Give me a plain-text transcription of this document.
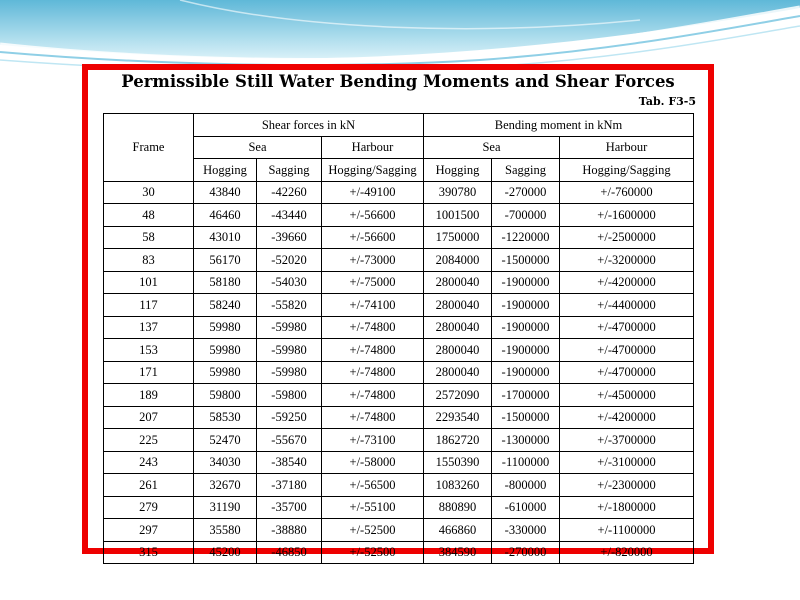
Permissible Still Water Bending Moments and Shear Forces
Tab. F3-5
Frame	Shear forces in kN			Bending moment in kNm		
	Sea		Harbour	Sea		Harbour
	Hogging	Sagging	Hogging/Sagging	Hogging	Sagging	Hogging/Sagging
30	43840	-42260	+/-49100	390780	-270000	+/-760000
48	46460	-43440	+/-56600	1001500	-700000	+/-1600000
58	43010	-39660	+/-56600	1750000	-1220000	+/-2500000
83	56170	-52020	+/-73000	2084000	-1500000	+/-3200000
101	58180	-54030	+/-75000	2800040	-1900000	+/-4200000
117	58240	-55820	+/-74100	2800040	-1900000	+/-4400000
137	59980	-59980	+/-74800	2800040	-1900000	+/-4700000
153	59980	-59980	+/-74800	2800040	-1900000	+/-4700000
171	59980	-59980	+/-74800	2800040	-1900000	+/-4700000
189	59800	-59800	+/-74800	2572090	-1700000	+/-4500000
207	58530	-59250	+/-74800	2293540	-1500000	+/-4200000
225	52470	-55670	+/-73100	1862720	-1300000	+/-3700000
243	34030	-38540	+/-58000	1550390	-1100000	+/-3100000
261	32670	-37180	+/-56500	1083260	-800000	+/-2300000
279	31190	-35700	+/-55100	880890	-610000	+/-1800000
297	35580	-38880	+/-52500	466860	-330000	+/-1100000
315	45200	-46850	+/-52500	384590	-270000	+/-820000
